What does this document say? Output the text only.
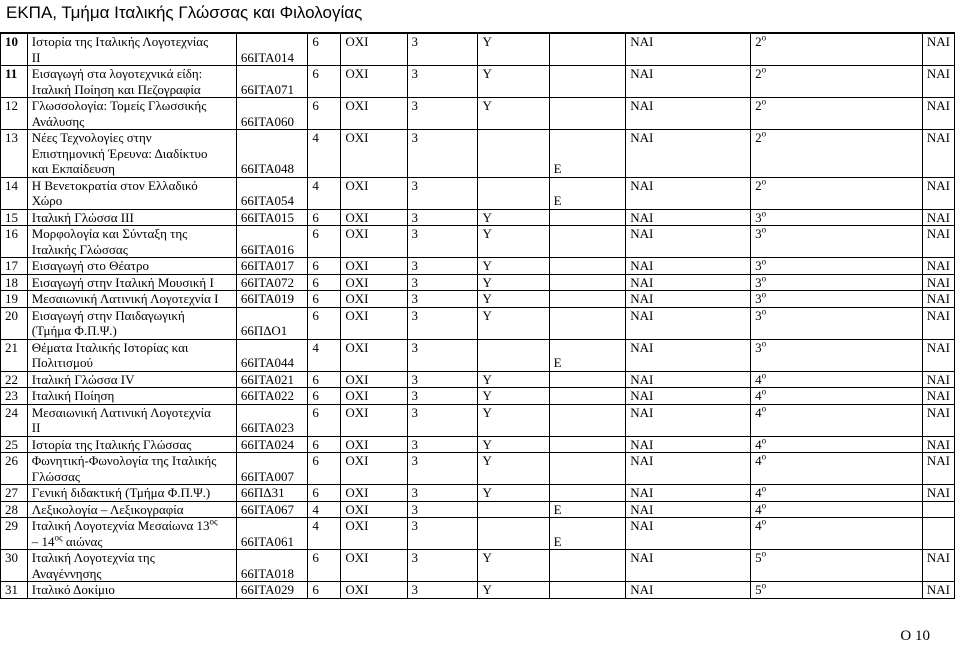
ΕΚΠΑ, Τμήμα Ιταλικής Γλώσσας και Φιλολογίας
10	Ιστορία της Ιταλικής Λογοτεχνίας
ΙΙ	66ΙΤΑ014	6	ΟΧΙ	3	Υ		ΝΑΙ	$2^o$	ΝΑΙ
11	Εισαγωγή στα λογοτεχνικά είδη:
Ιταλική Ποίηση και Πεζογραφία	66ΙΤΑ071	6	ΟΧΙ	3	Υ		ΝΑΙ	$2^o$	ΝΑΙ
12	Γλωσσολογία: Τομείς Γλωσσικής
Ανάλυσης	66ΙΤΑ060	6	ΟΧΙ	3	Υ		ΝΑΙ	$2^o$	ΝΑΙ
13	Νέες Τεχνολογίες στην
Επιστημονική Έρευνα: Διαδίκτυο
και Εκπαίδευση	66ΙΤΑ048	4	ΟΧΙ	3		Ε	ΝΑΙ	$2^o$	ΝΑΙ
14	Η Βενετοκρατία στον Ελλαδικό
Χώρο	66ΙΤΑ054	4	ΟΧΙ	3		Ε	ΝΑΙ	$2^o$	ΝΑΙ
15	Ιταλική Γλώσσα ΙΙΙ	66ΙΤΑ015	6	ΟΧΙ	3	Υ		ΝΑΙ	$3^o$	ΝΑΙ
16	Μορφολογία και Σύνταξη της
Ιταλικής Γλώσσας	66ΙΤΑ016	6	ΟΧΙ	3	Υ		ΝΑΙ	$3^o$	ΝΑΙ
17	Εισαγωγή στο Θέατρο	66ΙΤΑ017	6	ΟΧΙ	3	Υ		ΝΑΙ	$3^o$	ΝΑΙ
18	Εισαγωγή στην Ιταλική Μουσική Ι	66ΙΤΑ072	6	ΟΧΙ	3	Υ		ΝΑΙ	$3^o$	ΝΑΙ
19	Μεσαιωνική Λατινική Λογοτεχνία Ι	66ΙΤΑ019	6	ΟΧΙ	3	Υ		ΝΑΙ	$3^o$	ΝΑΙ
20	Εισαγωγή στην Παιδαγωγική
(Τμήμα Φ.Π.Ψ.)	66ΠΔΟ1	6	ΟΧΙ	3	Υ		ΝΑΙ	$3^o$	ΝΑΙ
21	Θέματα Ιταλικής Ιστορίας και
Πολιτισμού	66ΙΤΑ044	4	ΟΧΙ	3		Ε	ΝΑΙ	$3^o$	ΝΑΙ
22	Ιταλική Γλώσσα IV	66ΙΤΑ021	6	ΟΧΙ	3	Υ		ΝΑΙ	$4^o$	ΝΑΙ
23	Ιταλική Ποίηση	66ΙΤΑ022	6	ΟΧΙ	3	Υ		ΝΑΙ	$4^o$	ΝΑΙ
24	Μεσαιωνική Λατινική Λογοτεχνία
ΙΙ	66ΙΤΑ023	6	ΟΧΙ	3	Υ		ΝΑΙ	$4^o$	ΝΑΙ
25	Ιστορία της Ιταλικής Γλώσσας	66ΙΤΑ024	6	ΟΧΙ	3	Υ		ΝΑΙ	$4^o$	ΝΑΙ
26	Φωνητική-Φωνολογία της Ιταλικής
Γλώσσας	66ΙΤΑ007	6	ΟΧΙ	3	Υ		ΝΑΙ	$4^o$	ΝΑΙ
27	Γενική διδακτική (Τμήμα Φ.Π.Ψ.)	66ΠΔ31	6	ΟΧΙ	3	Υ		ΝΑΙ	$4^o$	ΝΑΙ
28	Λεξικολογία – Λεξικογραφία	66ΙΤΑ067	4	ΟΧΙ	3		Ε	ΝΑΙ	$4^o$	
29	Ιταλική Λογοτεχνία Μεσαίωνα $13^{o\varsigma}$
– $14^{o\varsigma}$ αιώνας	66ΙΤΑ061	4	ΟΧΙ	3		Ε	ΝΑΙ	$4^o$	
30	Ιταλική Λογοτεχνία της
Αναγέννησης	66ΙΤΑ018	6	ΟΧΙ	3	Υ		ΝΑΙ	$5^o$	ΝΑΙ
31	Ιταλικό Δοκίμιο	66ΙΤΑ029	6	ΟΧΙ	3	Υ		ΝΑΙ	$5^o$	ΝΑΙ
Ο 10
